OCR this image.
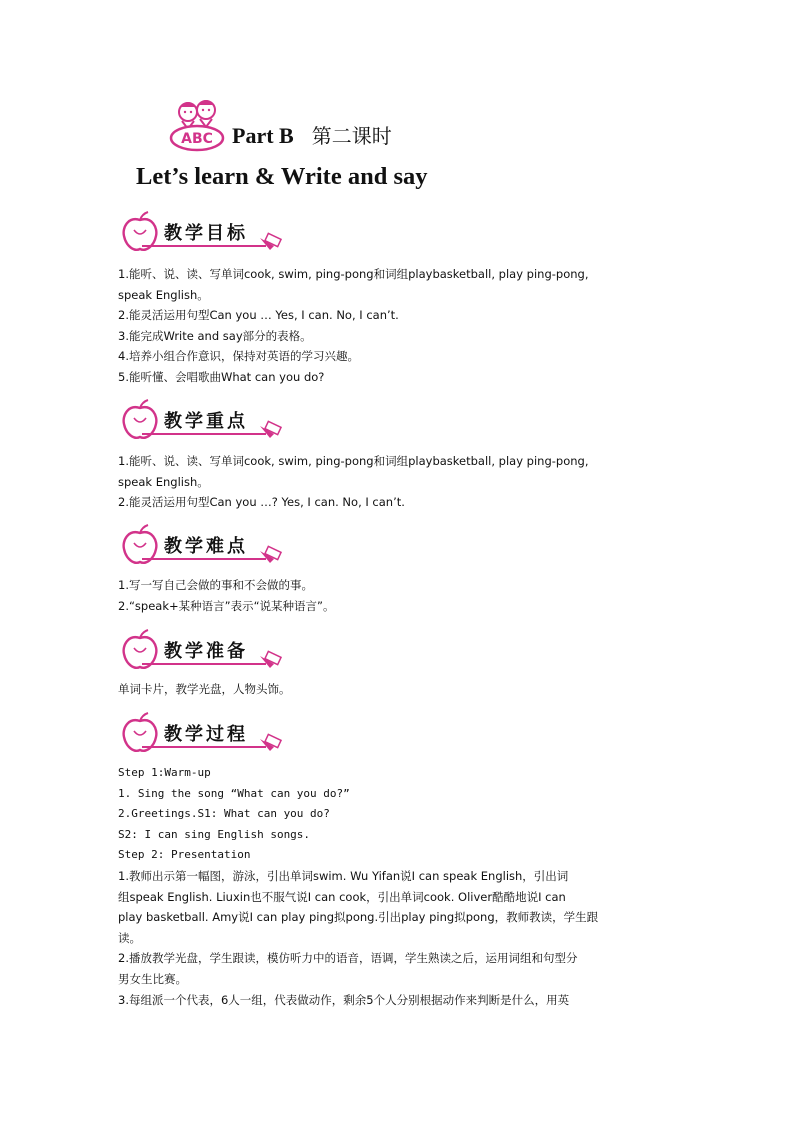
ABC Part B 第二课时
Let’s learn & Write and say
教学目标

1.能听、说、读、写单词cook, swim, ping-pong和词组playbasketball, play ping-pong,

speak English。

2.能灵活运用句型Can you … Yes, I can. No, I can’t.

3.能完成Write and say部分的表格。

4.培养小组合作意识，保持对英语的学习兴趣。

5.能听懂、会唱歌曲What can you do?

教学重点

1.能听、说、读、写单词cook, swim, ping-pong和词组playbasketball, play ping-pong,

speak English。

2.能灵活运用句型Can you …? Yes, I can. No, I can’t.

教学难点

1.写一写自己会做的事和不会做的事。

2.“speak+某种语言”表示“说某种语言”。

教学准备

单词卡片，教学光盘，人物头饰。

教学过程

Step 1:Warm-up

1. Sing the song “What can you do?”

2.Greetings.S1: What can you do?

S2: I can sing English songs.

Step 2: Presentation

1.教师出示第一幅图，游泳，引出单词swim. Wu Yifan说I can speak English，引出词

组speak English. Liuxin也不服气说I can cook，引出单词cook. Oliver酷酷地说I can

play basketball. Amy说I can play ping拟pong.引出play ping拟pong，教师教读，学生跟

读。

2.播放教学光盘，学生跟读，模仿听力中的语音，语调，学生熟读之后，运用词组和句型分

男女生比赛。

3.每组派一个代表，6人一组，代表做动作，剩余5个人分别根据动作来判断是什么，用英
